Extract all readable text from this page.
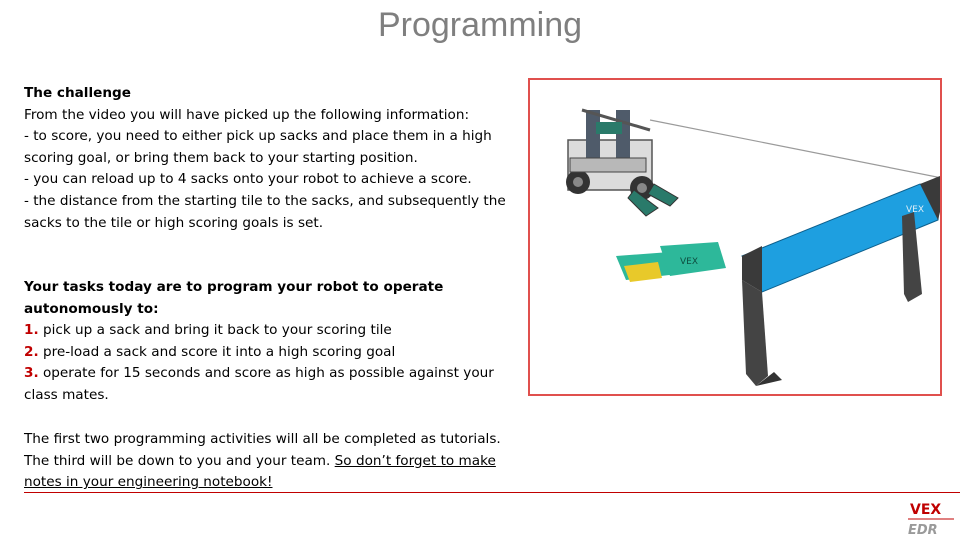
Programming

The challenge

From the video you will have picked up the following information:

- to score, you need to either pick up sacks and place them in a high scoring goal, or bring them back to your starting position.

- you can reload up to 4 sacks onto your robot to achieve a score.

- the distance from the starting tile to the sacks, and subsequently the sacks to the tile or high scoring goals is set.

Your tasks today are to program your robot to operate autonomously to:

1. pick up a sack and bring it back to your scoring tile

2. pre-load a sack and score it into a high scoring goal

3. operate for 15 seconds and score as high as possible against your class mates.

The first two programming activities will all be completed as tutorials. The third will be down to you and your team. So don’t forget to make notes in your engineering notebook!

VEX
VEX
VEX
EDR
